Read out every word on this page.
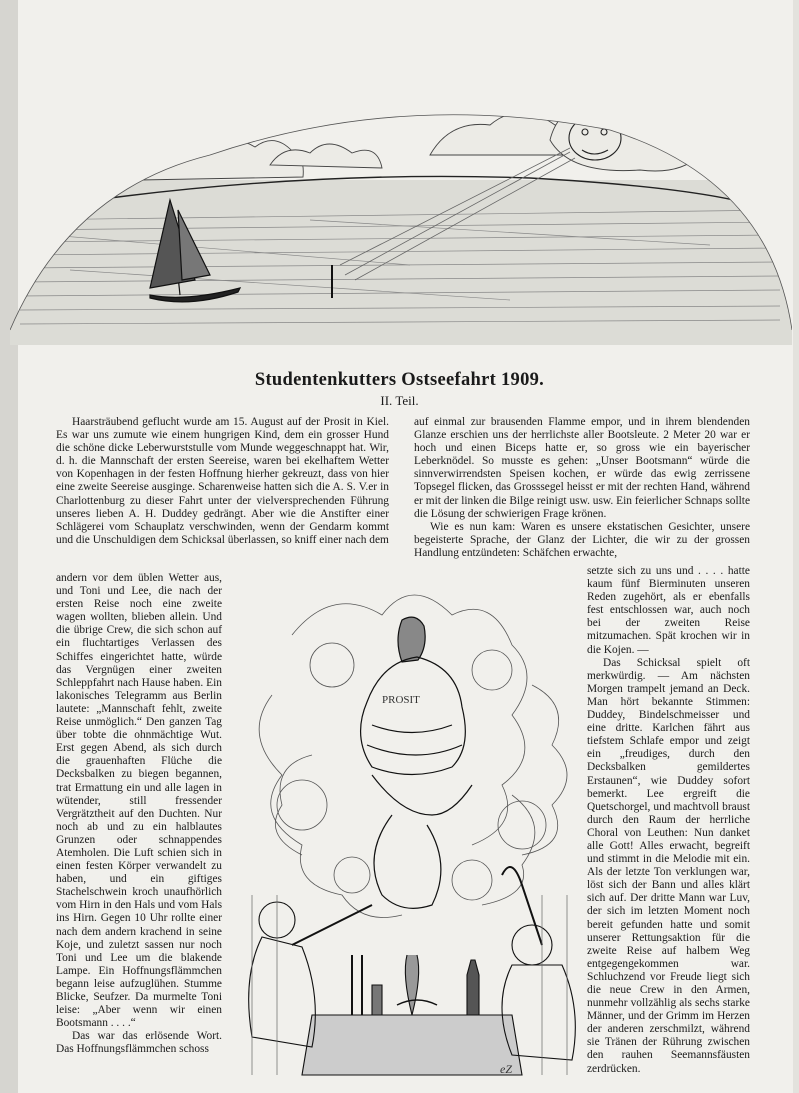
Studentenkutters Ostseefahrt 1909.
II. Teil.

Haarsträubend geflucht wurde am 15. August auf der Prosit in Kiel. Es war uns zumute wie einem hungrigen Kind, dem ein grosser Hund die schöne dicke Leberwurststulle vom Munde weggeschnappt hat. Wir, d. h. die Mannschaft der ersten Seereise, waren bei ekelhaftem Wetter von Kopenhagen in der festen Hoffnung hierher gekreuzt, dass von hier eine zweite Seereise ausginge. Scharenweise hatten sich die A. S. V.er in Charlottenburg zu dieser Fahrt unter der vielversprechenden Führung unseres lieben A. H. Duddey gedrängt. Aber wie die Anstifter einer Schlägerei vom Schauplatz verschwinden, wenn der Gendarm kommt und die Unschuldigen dem Schicksal überlassen, so kniff einer nach dem

andern vor dem üblen Wetter aus, und Toni und Lee, die nach der ersten Reise noch eine zweite wagen wollten, blieben allein. Und die übrige Crew, die sich schon auf ein fluchtartiges Verlassen des Schiffes eingerichtet hatte, würde das Vergnügen einer zweiten Schleppfahrt nach Hause haben. Ein lakonisches Telegramm aus Berlin lautete: „Mannschaft fehlt, zweite Reise unmöglich.“ Den ganzen Tag über tobte die ohnmächtige Wut. Erst gegen Abend, als sich durch die grauenhaften Flüche die Decksbalken zu biegen begannen, trat Ermattung ein und alle lagen in wütender, still fressender Vergrätztheit auf den Duchten. Nur noch ab und zu ein halblautes Grunzen oder schnappendes Atemholen. Die Luft schien sich in einen festen Körper verwandelt zu haben, und ein giftiges Stachelschwein kroch unaufhörlich vom Hirn in den Hals und vom Hals ins Hirn. Gegen 10 Uhr rollte einer nach dem andern krachend in seine Koje, und zuletzt sassen nur noch Toni und Lee um die blakende Lampe. Ein Hoffnungsflämmchen begann leise aufzuglühen. Stumme Blicke, Seufzer. Da murmelte Toni leise: „Aber wenn wir einen Bootsmann . . . .“

Das war das erlösende Wort. Das Hoffnungsflämmchen schoss

auf einmal zur brausenden Flamme empor, und in ihrem blendenden Glanze erschien uns der herrlichste aller Bootsleute. 2 Meter 20 war er hoch und einen Biceps hatte er, so gross wie ein bayerischer Leberknödel. So musste es gehen: „Unser Bootsmann“ würde die sinnverwirrendsten Speisen kochen, er würde das ewig zerrissene Topsegel flicken, das Grosssegel heisst er mit der rechten Hand, während er mit der linken die Bilge reinigt usw. usw. Ein feierlicher Schnaps sollte die Lösung der schwierigen Frage krönen.

Wie es nun kam: Waren es unsere ekstatischen Gesichter, unsere begeisterte Sprache, der Glanz der Lichter, die wir zu der grossen Handlung entzündeten: Schäfchen erwachte,

setzte sich zu uns und . . . . hatte kaum fünf Bierminuten unseren Reden zugehört, als er ebenfalls fest entschlossen war, auch noch bei der zweiten Reise mitzumachen. Spät krochen wir in die Kojen. —

Das Schicksal spielt oft merkwürdig. — Am nächsten Morgen trampelt jemand an Deck. Man hört bekannte Stimmen: Duddey, Bindelschmeisser und eine dritte. Karlchen fährt aus tiefstem Schlafe empor und zeigt ein „freudiges, durch den Decksbalken gemildertes Erstaunen“, wie Duddey sofort bemerkt. Lee ergreift die Quetschorgel, und machtvoll braust durch den Raum der herrliche Choral von Leuthen: Nun danket alle Gott! Alles erwacht, begreift und stimmt in die Melodie mit ein. Als der letzte Ton verklungen war, löst sich der Bann und alles klärt sich auf. Der dritte Mann war Luv, der sich im letzten Moment noch bereit gefunden hatte und somit unserer Rettungsaktion für die zweite Reise auf halbem Weg entgegengekommen war. Schluchzend vor Freude liegt sich die neue Crew in den Armen, nunmehr vollzählig als sechs starke Männer, und der Grimm im Herzen der anderen zerschmilzt, während sie Tränen der Rührung zwischen den rauhen Seemannsfäusten zerdrücken.

PROSIT
eZ
